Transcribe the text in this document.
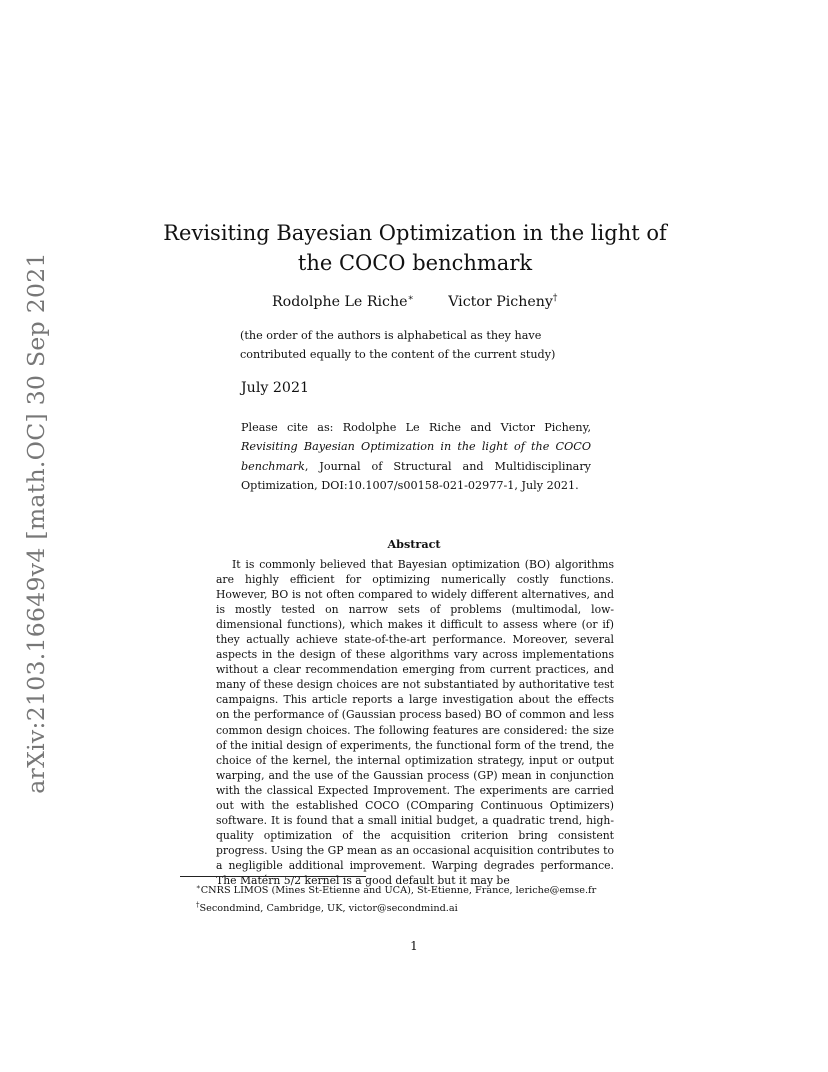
arXiv:2103.16649v4 [math.OC] 30 Sep 2021
Revisiting Bayesian Optimization in the light of
the COCO benchmark
Rodolphe Le Riche∗ Victor Picheny†

(the order of the authors is alphabetical as they have contributed equally to the content of the current study)

July 2021

Please cite as: Rodolphe Le Riche and Victor Picheny, Revisiting Bayesian Optimization in the light of the COCO benchmark, Journal of Structural and Multidisciplinary Optimization, DOI:10.1007/s00158-021-02977-1, July 2021.

Abstract

It is commonly believed that Bayesian optimization (BO) algorithms are highly efficient for optimizing numerically costly functions. However, BO is not often compared to widely different alternatives, and is mostly tested on narrow sets of problems (multimodal, low-dimensional functions), which makes it difficult to assess where (or if) they actually achieve state-of-the-art performance. Moreover, several aspects in the design of these algorithms vary across implementations without a clear recommendation emerging from current practices, and many of these design choices are not substantiated by authoritative test campaigns. This article reports a large investigation about the effects on the performance of (Gaussian process based) BO of common and less common design choices. The following features are considered: the size of the initial design of experiments, the functional form of the trend, the choice of the kernel, the internal optimization strategy, input or output warping, and the use of the Gaussian process (GP) mean in conjunction with the classical Expected Improvement. The experiments are carried out with the established COCO (COmparing Continuous Optimizers) software. It is found that a small initial budget, a quadratic trend, high-quality optimization of the acquisition criterion bring consistent progress. Using the GP mean as an occasional acquisition contributes to a negligible additional improvement. Warping degrades performance. The Matérn 5/2 kernel is a good default but it may be

∗CNRS LIMOS (Mines St-Etienne and UCA), St-Etienne, France, leriche@emse.fr

†Secondmind, Cambridge, UK, victor@secondmind.ai

1
